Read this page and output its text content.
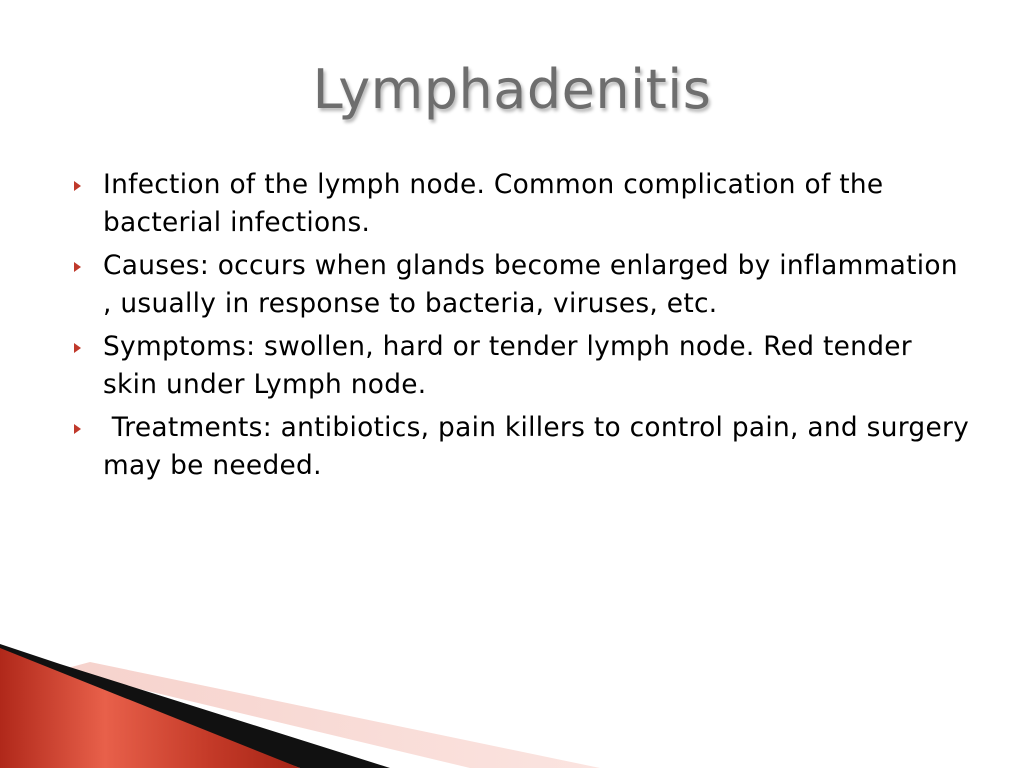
Lymphadenitis
Infection of the lymph node. Common complication of the bacterial infections.
Causes: occurs when glands become enlarged by inflammation , usually in response to bacteria, viruses, etc.
Symptoms: swollen, hard or tender lymph node. Red tender skin under Lymph node.
Treatments: antibiotics, pain killers to control pain, and surgery may be needed.
